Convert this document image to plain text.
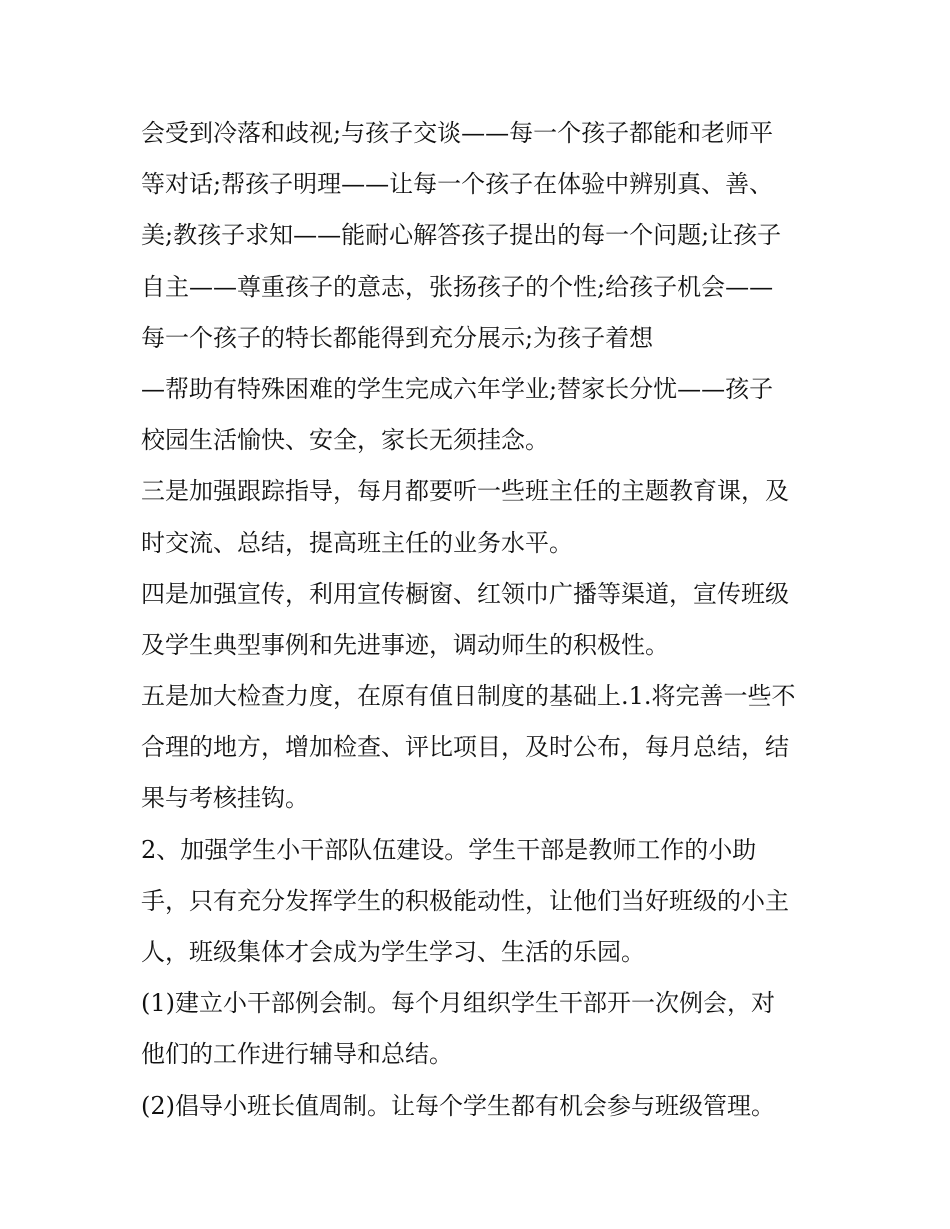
会受到冷落和歧视;与孩子交谈——每一个孩子都能和老师平
等对话;帮孩子明理——让每一个孩子在体验中辨别真、善、
美;教孩子求知——能耐心解答孩子提出的每一个问题;让孩子
自主——尊重孩子的意志，张扬孩子的个性;给孩子机会——
每一个孩子的特长都能得到充分展示;为孩子着想
—帮助有特殊困难的学生完成六年学业;替家长分忧——孩子
校园生活愉快、安全，家长无须挂念。
三是加强跟踪指导，每月都要听一些班主任的主题教育课，及
时交流、总结，提高班主任的业务水平。
四是加强宣传，利用宣传橱窗、红领巾广播等渠道，宣传班级
及学生典型事例和先进事迹，调动师生的积极性。
五是加大检查力度，在原有值日制度的基础上.1.将完善一些不
合理的地方，增加检查、评比项目，及时公布，每月总结，结
果与考核挂钩。
2、加强学生小干部队伍建设。学生干部是教师工作的小助
手，只有充分发挥学生的积极能动性，让他们当好班级的小主
人，班级集体才会成为学生学习、生活的乐园。
(1)建立小干部例会制。每个月组织学生干部开一次例会，对
他们的工作进行辅导和总结。
(2)倡导小班长值周制。让每个学生都有机会参与班级管理。
